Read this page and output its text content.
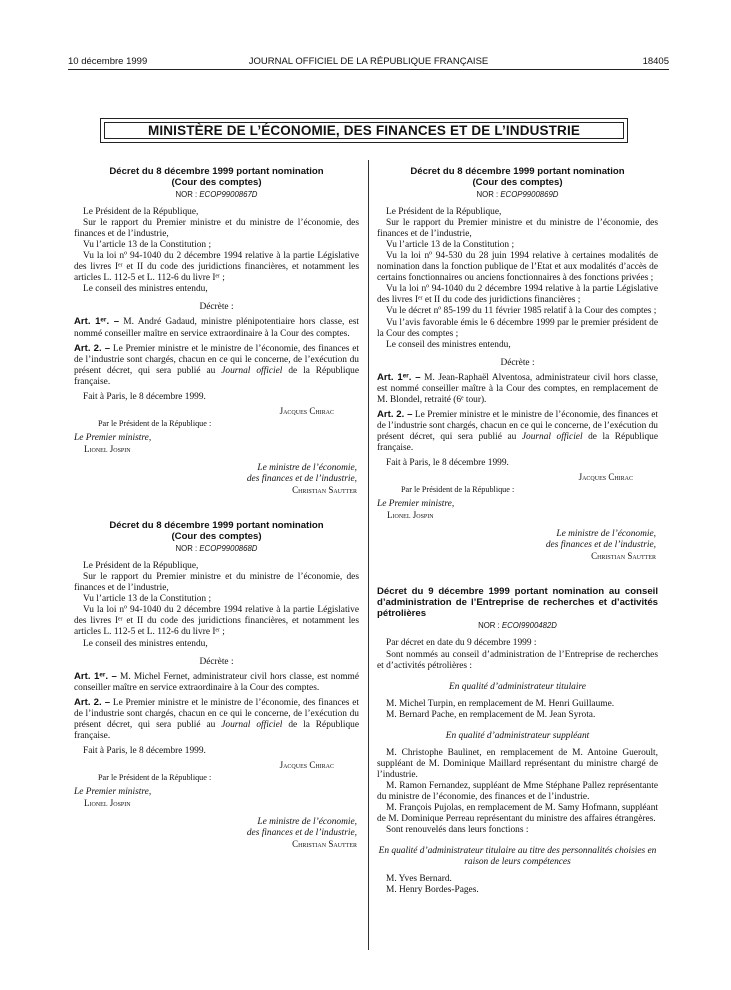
10 décembre 1999	JOURNAL OFFICIEL DE LA RÉPUBLIQUE FRANÇAISE	18405
MINISTÈRE DE L’ÉCONOMIE, DES FINANCES ET DE L’INDUSTRIE
Décret du 8 décembre 1999 portant nomination
(Cour des comptes)
NOR : ECOP9900867D

Le Président de la République,

Sur le rapport du Premier ministre et du ministre de l’économie, des finances et de l’industrie,

Vu l’article 13 de la Constitution ;

Vu la loi nº 94-1040 du 2 décembre 1994 relative à la partie Législative des livres Iᵉʳ et II du code des juridictions financières, et notamment les articles L. 112-5 et L. 112-6 du livre Iᵉʳ ;

Le conseil des ministres entendu,

Décrète :

Art. 1ᵉʳ. – M. André Gadaud, ministre plénipotentiaire hors classe, est nommé conseiller maître en service extraordinaire à la Cour des comptes.

Art. 2. – Le Premier ministre et le ministre de l’économie, des finances et de l’industrie sont chargés, chacun en ce qui le concerne, de l’exécution du présent décret, qui sera publié au Journal officiel de la République française.

Fait à Paris, le 8 décembre 1999.

Jacques Chirac
Par le Président de la République :

Le Premier ministre,

Lionel Jospin

Le ministre de l’économie,

des finances et de l’industrie,

Christian Sautter

Décret du 8 décembre 1999 portant nomination
(Cour des comptes)
NOR : ECOP9900868D

Le Président de la République,

Sur le rapport du Premier ministre et du ministre de l’économie, des finances et de l’industrie,

Vu l’article 13 de la Constitution ;

Vu la loi nº 94-1040 du 2 décembre 1994 relative à la partie Législative des livres Iᵉʳ et II du code des juridictions financières, et notamment les articles L. 112-5 et L. 112-6 du livre Iᵉʳ ;

Le conseil des ministres entendu,

Décrète :

Art. 1ᵉʳ. – M. Michel Fernet, administrateur civil hors classe, est nommé conseiller maître en service extraordinaire à la Cour des comptes.

Art. 2. – Le Premier ministre et le ministre de l’économie, des finances et de l’industrie sont chargés, chacun en ce qui le concerne, de l’exécution du présent décret, qui sera publié au Journal officiel de la République française.

Fait à Paris, le 8 décembre 1999.

Jacques Chirac
Par le Président de la République :

Le Premier ministre,

Lionel Jospin

Le ministre de l’économie,

des finances et de l’industrie,

Christian Sautter

Décret du 8 décembre 1999 portant nomination
(Cour des comptes)
NOR : ECOP9900869D

Le Président de la République,

Sur le rapport du Premier ministre et du ministre de l’économie, des finances et de l’industrie,

Vu l’article 13 de la Constitution ;

Vu la loi nº 94-530 du 28 juin 1994 relative à certaines modalités de nomination dans la fonction publique de l’Etat et aux modalités d’accès de certains fonctionnaires ou anciens fonctionnaires à des fonctions privées ;

Vu la loi nº 94-1040 du 2 décembre 1994 relative à la partie Législative des livres Iᵉʳ et II du code des juridictions financières ;

Vu le décret nº 85-199 du 11 février 1985 relatif à la Cour des comptes ;

Vu l’avis favorable émis le 6 décembre 1999 par le premier président de la Cour des comptes ;

Le conseil des ministres entendu,

Décrète :

Art. 1ᵉʳ. – M. Jean-Raphaël Alventosa, administrateur civil hors classe, est nommé conseiller maître à la Cour des comptes, en remplacement de M. Blondel, retraité (6ᵉ tour).

Art. 2. – Le Premier ministre et le ministre de l’économie, des finances et de l’industrie sont chargés, chacun en ce qui le concerne, de l’exécution du présent décret, qui sera publié au Journal officiel de la République française.

Fait à Paris, le 8 décembre 1999.

Jacques Chirac
Par le Président de la République :

Le Premier ministre,

Lionel Jospin

Le ministre de l’économie,

des finances et de l’industrie,

Christian Sautter

Décret du 9 décembre 1999 portant nomination au conseil d’administration de l’Entreprise de recherches et d’activités pétrolières
NOR : ECOI9900482D

Par décret en date du 9 décembre 1999 :

Sont nommés au conseil d’administration de l’Entreprise de recherches et d’activités pétrolières :

En qualité d’administrateur titulaire

M. Michel Turpin, en remplacement de M. Henri Guillaume.

M. Bernard Pache, en remplacement de M. Jean Syrota.

En qualité d’administrateur suppléant

M. Christophe Baulinet, en remplacement de M. Antoine Gueroult, suppléant de M. Dominique Maillard représentant du ministre chargé de l’industrie.

M. Ramon Fernandez, suppléant de Mme Stéphane Pallez représentante du ministre de l’économie, des finances et de l’industrie.

M. François Pujolas, en remplacement de M. Samy Hofmann, suppléant de M. Dominique Perreau représentant du ministre des affaires étrangères.

Sont renouvelés dans leurs fonctions :

En qualité d’administrateur titulaire au titre des personnalités choisies en raison de leurs compétences

M. Yves Bernard.

M. Henry Bordes-Pages.
